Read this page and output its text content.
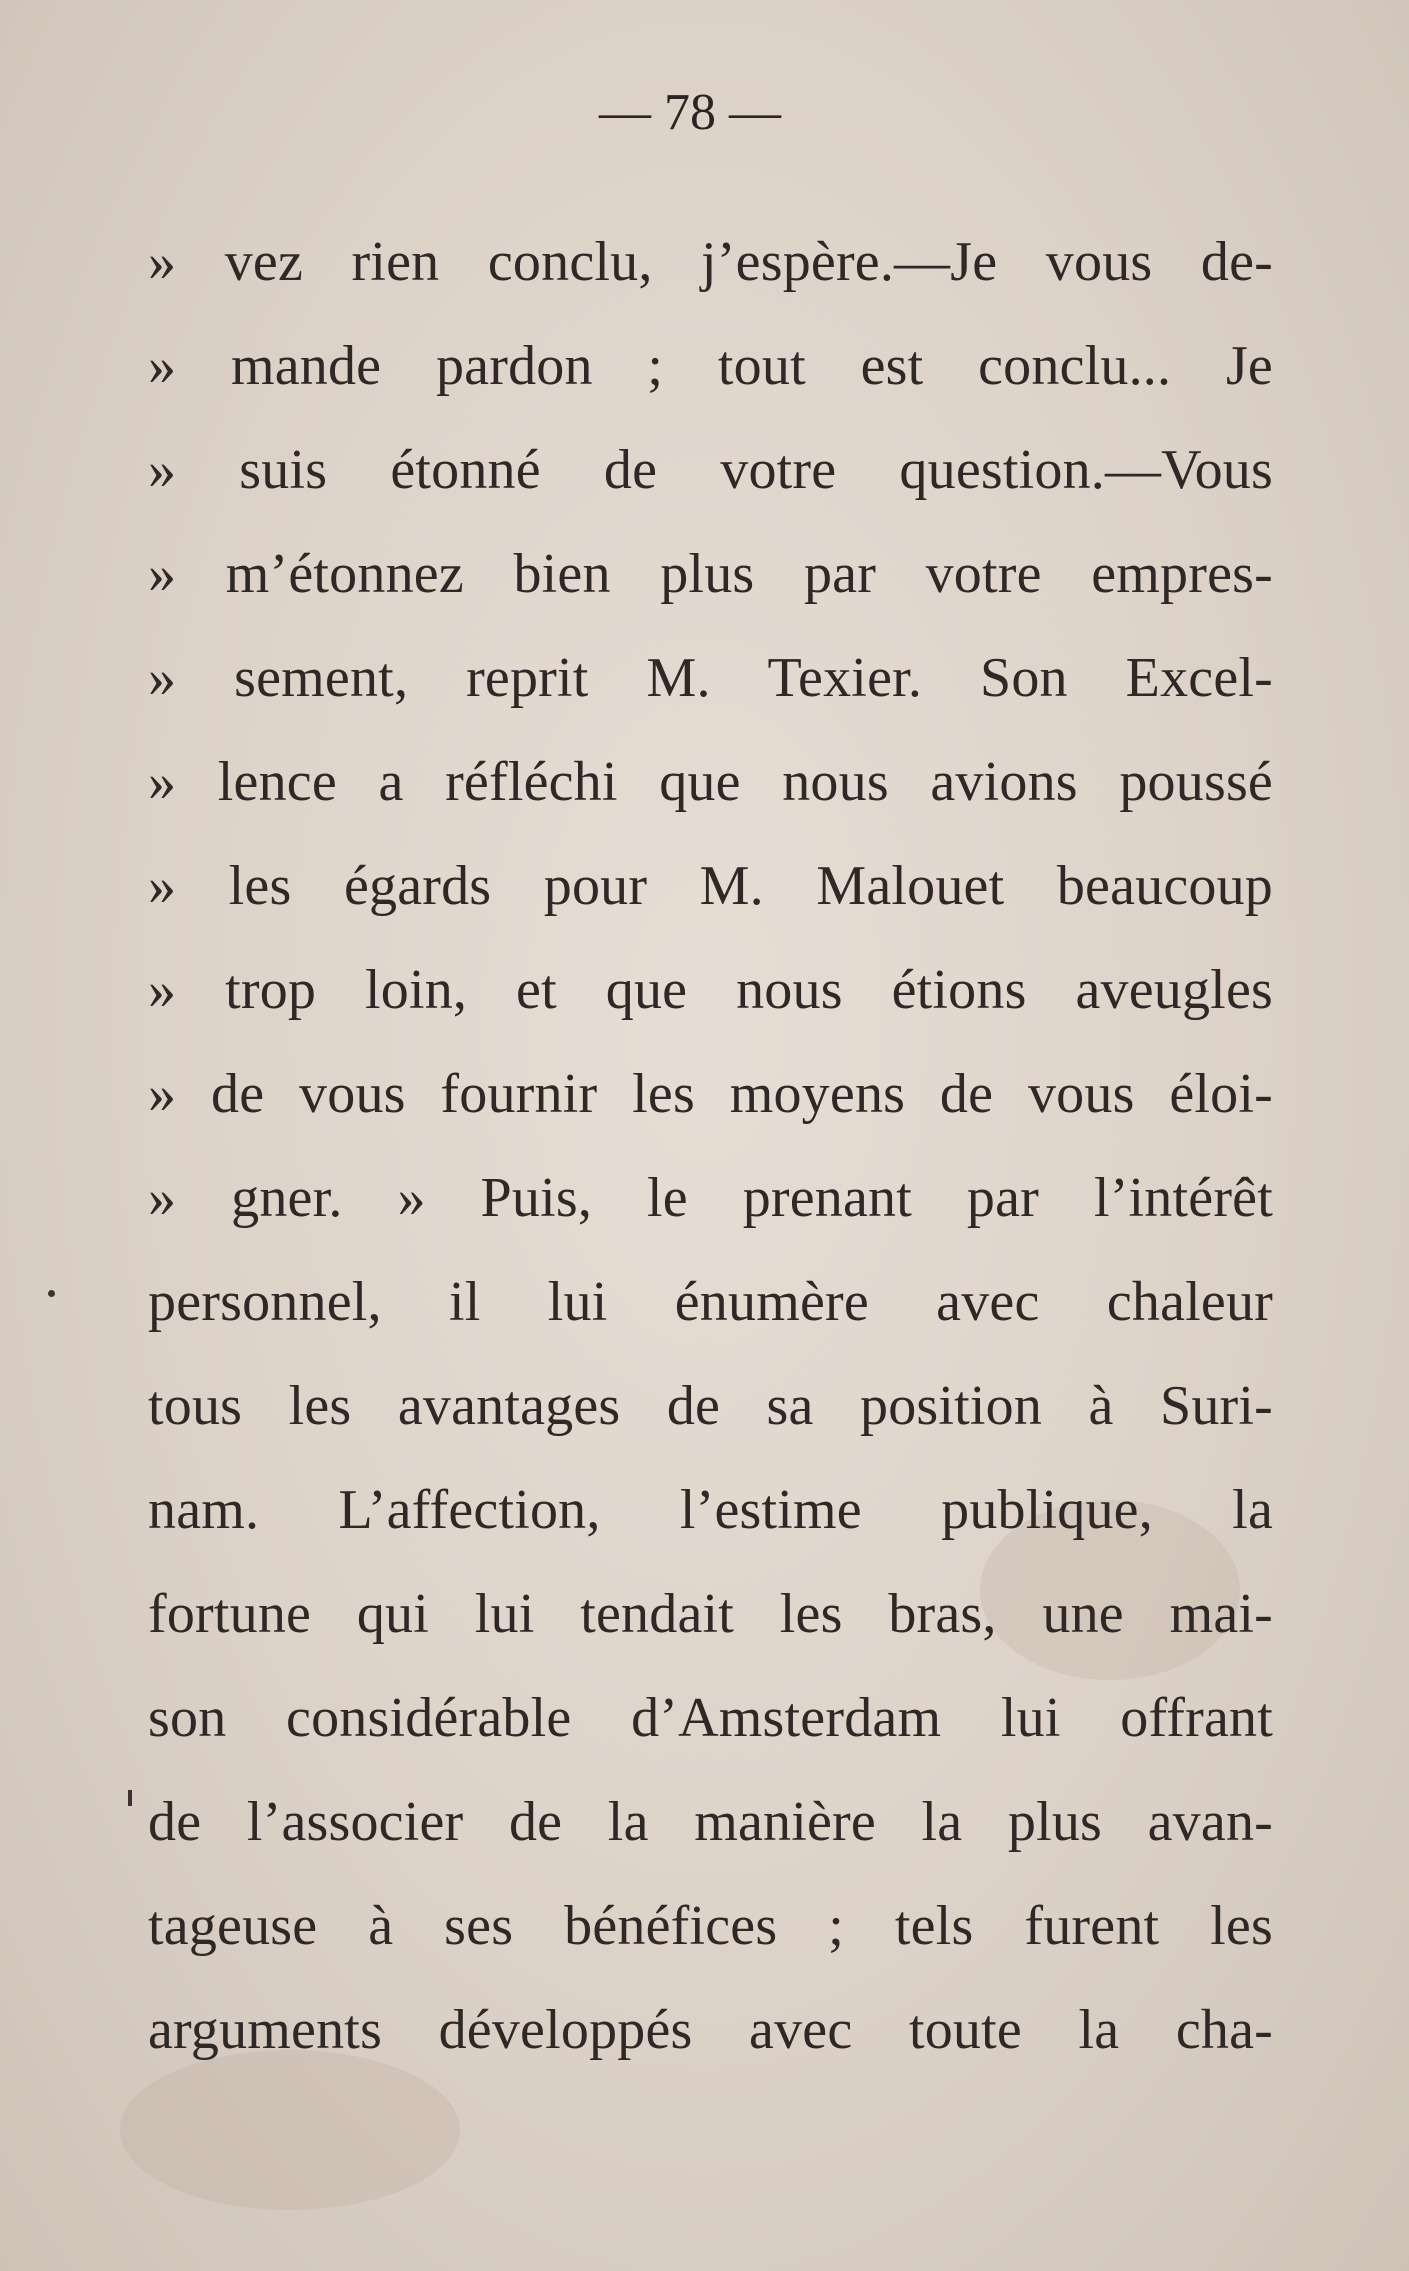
— 78 —
» vez rien conclu, j’espère.—Je vous de-
» mande pardon ; tout est conclu... Je
» suis étonné de votre question.—Vous
» m’étonnez bien plus par votre empres-
» sement, reprit M. Texier. Son Excel-
» lence a réfléchi que nous avions poussé
» les égards pour M. Malouet beaucoup
» trop loin, et que nous étions aveugles
» de vous fournir les moyens de vous éloi-
» gner. » Puis, le prenant par l’intérêt
personnel, il lui énumère avec chaleur
tous les avantages de sa position à Suri-
nam. L’affection, l’estime publique, la
fortune qui lui tendait les bras, une mai-
son considérable d’Amsterdam lui offrant
de l’associer de la manière la plus avan-
tageuse à ses bénéfices ; tels furent les
arguments développés avec toute la cha-
